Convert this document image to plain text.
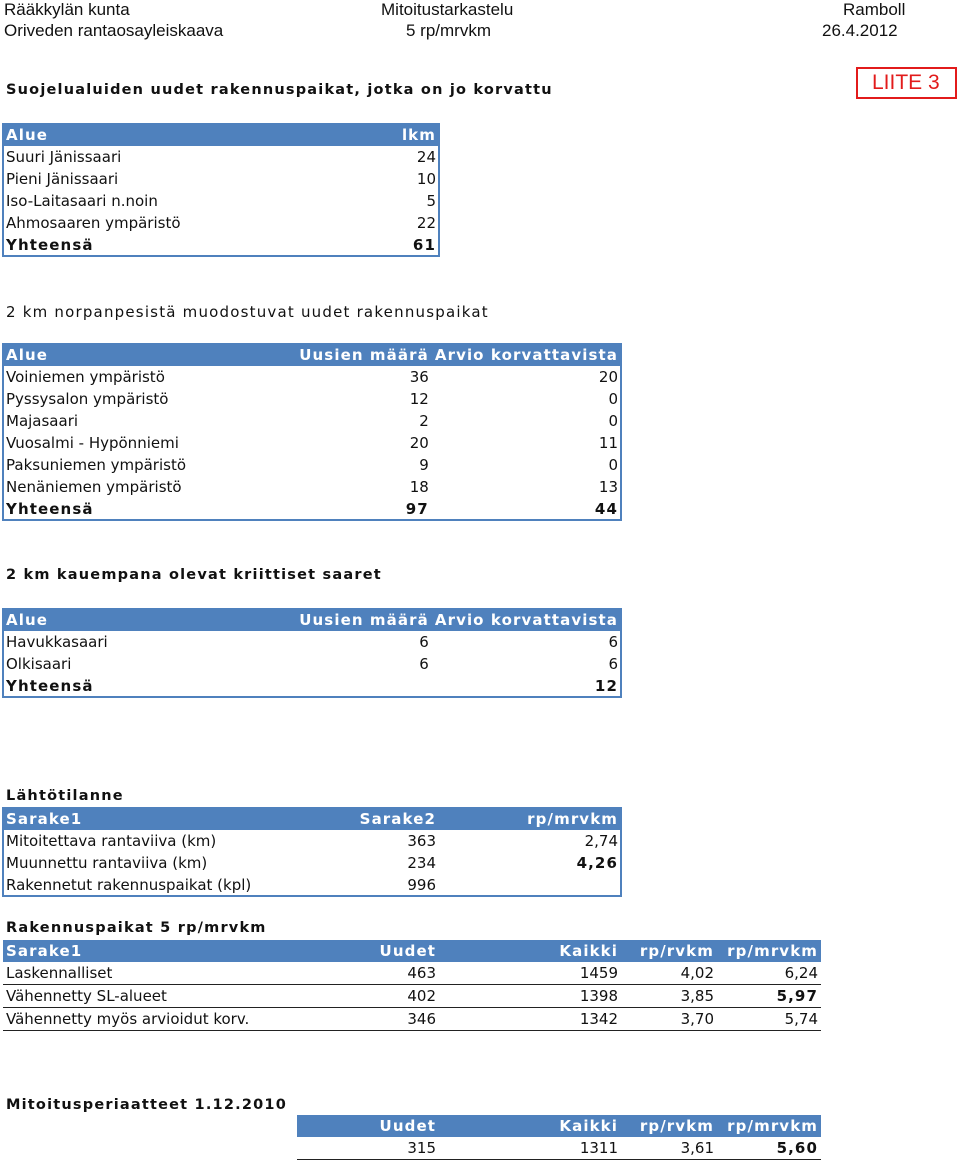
Rääkkylän kunta	Mitoitustarkastelu	Ramboll
Oriveden rantaosayleiskaava	5 rp/mrvkm	26.4.2012
LIITE 3
Suojelualuiden uudet rakennuspaikat, jotka on jo korvattu
Alue	lkm
Suuri Jänissaari	24
Pieni Jänissaari	10
Iso-Laitasaari n.noin	5
Ahmosaaren ympäristö	22
Yhteensä	61
2 km norpanpesistä muodostuvat uudet rakennuspaikat
Alue	Uusien määrä	Arvio korvattavista
Voiniemen ympäristö	36	20
Pyssysalon ympäristö	12	0
Majasaari	2	0
Vuosalmi - Hypönniemi	20	11
Paksuniemen ympäristö	9	0
Nenäniemen ympäristö	18	13
Yhteensä	97	44
2 km kauempana olevat kriittiset saaret
Alue	Uusien määrä	Arvio korvattavista
Havukkasaari	6	6
Olkisaari	6	6
Yhteensä		12
Lähtötilanne
Sarake1	Sarake2	rp/mrvkm
Mitoitettava rantaviiva (km)	363	2,74
Muunnettu rantaviiva (km)	234	4,26
Rakennetut rakennuspaikat (kpl)	996	
Rakennuspaikat 5 rp/mrvkm
Sarake1	Uudet	Kaikki	rp/rvkm	rp/mrvkm
Laskennalliset	463	1459	4,02	6,24
Vähennetty SL-alueet	402	1398	3,85	5,97
Vähennetty myös arvioidut korv.	346	1342	3,70	5,74
Mitoitusperiaatteet 1.12.2010
	Uudet	Kaikki	rp/rvkm	rp/mrvkm
	315	1311	3,61	5,60
